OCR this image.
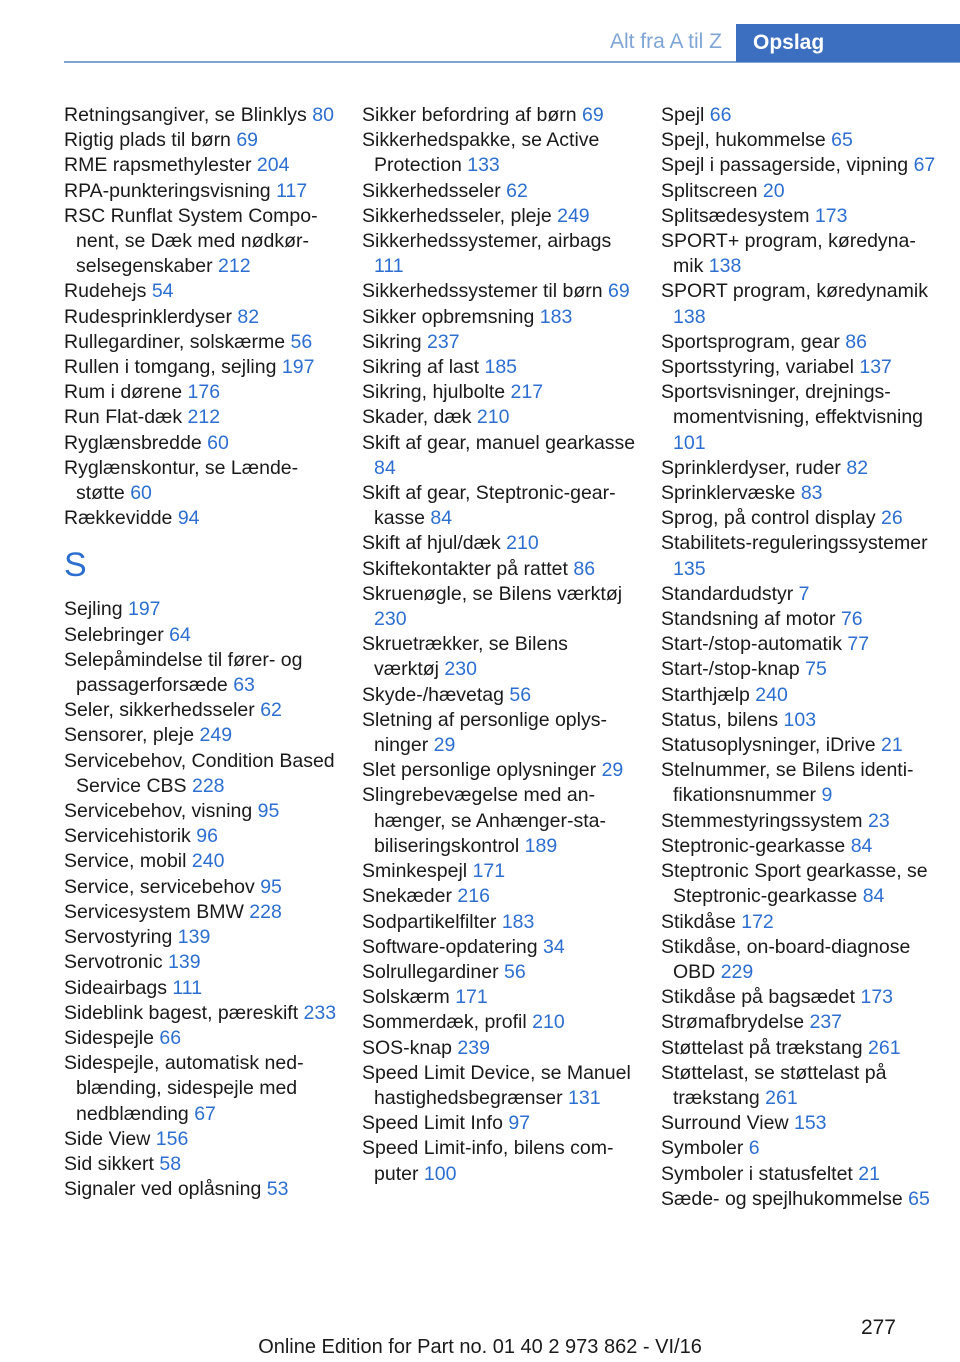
Alt fra A til Z	Opslag
Retningsangiver, se Blinklys 80
Rigtig plads til børn 69
RME rapsmethylester 204
RPA-punkteringsvisning 117
RSC Runflat System Component, se Dæk med nødkørselsegenskaber 212
Rudehejs 54
Rudesprinklerdyser 82
Rullegardiner, solskærme 56
Rullen i tomgang, sejling 197
Rum i dørene 176
Run Flat-dæk 212
Ryglænsbredde 60
Ryglænskontur, se Lændestøtte 60
Rækkevidde 94
S
Sejling 197
Selebringer 64
Selepåmindelse til fører- og passagerforsæde 63
Seler, sikkerhedsseler 62
Sensorer, pleje 249
Servicebehov, Condition Based Service CBS 228
Servicebehov, visning 95
Servicehistorik 96
Service, mobil 240
Service, servicebehov 95
Servicesystem BMW 228
Servostyring 139
Servotronic 139
Sideairbags 111
Sideblink bagest, pæreskift 233
Sidespejle 66
Sidespejle, automatisk nedblænding, sidespejle med nedblænding 67
Side View 156
Sid sikkert 58
Signaler ved oplåsning 53
Sikker befordring af børn 69
Sikkerhedspakke, se Active Protection 133
Sikkerhedsseler 62
Sikkerhedsseler, pleje 249
Sikkerhedssystemer, airbags 111
Sikkerhedssystemer til børn 69
Sikker opbremsning 183
Sikring 237
Sikring af last 185
Sikring, hjulbolte 217
Skader, dæk 210
Skift af gear, manuel gearkasse 84
Skift af gear, Steptronic-gearkasse 84
Skift af hjul/dæk 210
Skiftekontakter på rattet 86
Skruenøgle, se Bilens værktøj 230
Skruetrækker, se Bilens værktøj 230
Skyde-/hævetag 56
Sletning af personlige oplysninger 29
Slet personlige oplysninger 29
Slingrebevægelse med anhænger, se Anhænger-stabiliseringskontrol 189
Sminkespejl 171
Snekæder 216
Sodpartikelfilter 183
Software-opdatering 34
Solrullegardiner 56
Solskærm 171
Sommerdæk, profil 210
SOS-knap 239
Speed Limit Device, se Manuel hastighedsbegrænser 131
Speed Limit Info 97
Speed Limit-info, bilens computer 100
Spejl 66
Spejl, hukommelse 65
Spejl i passagerside, vipning 67
Splitscreen 20
Splitsædesystem 173
SPORT+ program, køredynamik 138
SPORT program, køredynamik 138
Sportsprogram, gear 86
Sportsstyring, variabel 137
Sportsvisninger, drejningsmomentvisning, effektvisning 101
Sprinklerdyser, ruder 82
Sprinklervæske 83
Sprog, på control display 26
Stabilitets-reguleringssystemer 135
Standardudstyr 7
Standsning af motor 76
Start-/stop-automatik 77
Start-/stop-knap 75
Starthjælp 240
Status, bilens 103
Statusoplysninger, iDrive 21
Stelnummer, se Bilens identifikationsnummer 9
Stemmestyringssystem 23
Steptronic-gearkasse 84
Steptronic Sport gearkasse, se Steptronic-gearkasse 84
Stikdåse 172
Stikdåse, on-board-diagnose OBD 229
Stikdåse på bagsædet 173
Strømafbrydelse 237
Støttelast på trækstang 261
Støttelast, se støttelast på trækstang 261
Surround View 153
Symboler 6
Symboler i statusfeltet 21
Sæde- og spejlhukommelse 65
277
Online Edition for Part no. 01 40 2 973 862 - VI/16
